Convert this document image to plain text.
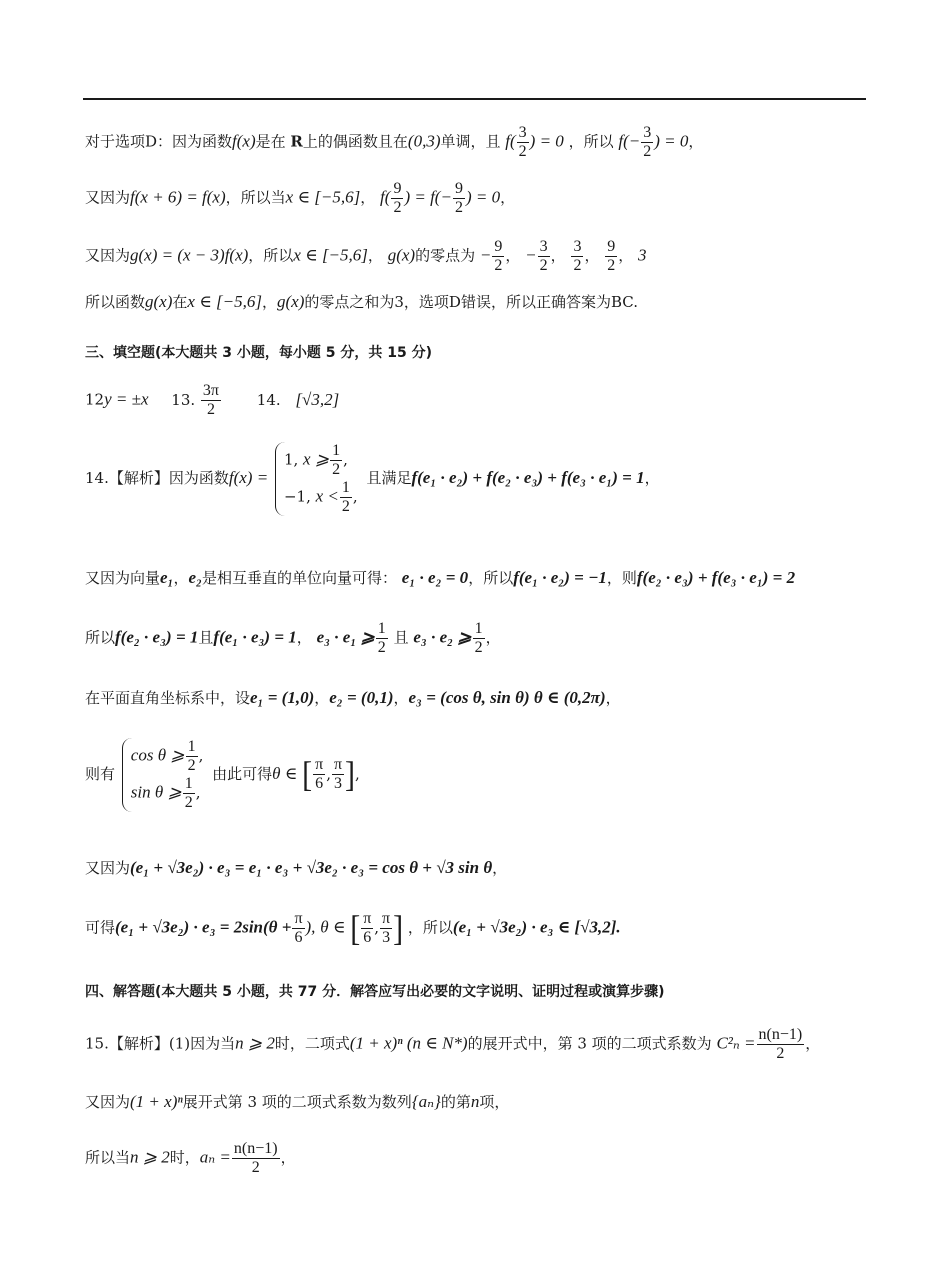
对于选项D：因为函数f(x)是在 R上的偶函数且在(0,3)单调，且 $f( \frac{3}{2}$ ) = 0 ，所以 $f(- \frac{3}{2}$ ) = 0，
又因为f(x + 6) = f(x)，所以当x ∈ [−5,6]， $f( \frac{9}{2}$ ) = $f(- \frac{9}{2}$ ) = 0，
又因为g(x) = (x − 3)f(x)，所以x ∈ [−5,6]， g(x)的零点为 − $\frac{9}{2}$ ， − $\frac{3}{2}$ ， $\frac{3}{2}$ ， $\frac{9}{2}$ ， 3
所以函数g(x)在x ∈ [−5,6]，g(x)的零点之和为3，选项D错误，所以正确答案为BC.
三、填空题(本大题共 3 小题，每小题 5 分，共 15 分)
12y = ±x 13. $\frac{3\pi}{2} 14$. [√3,2]
14.【解析】因为函数f(x) =
1, x ⩾ $\frac{1}{2}$ ,
−1, $x < \frac{1}{2}$ ,
且满足f(e₁ · e₂) + f(e₂ · e₃) + f(e₃ · e₁) = 1，
又因为向量e₁，e₂是相互垂直的单位向量可得： e₁ · e₂ = 0，所以f(e₁ · e₂) = −1，则f(e₂ · e₃) + f(e₃ · e₁) = 2
所以f(e₂ · e₃) = 1且f(e₁ · e₃) = 1， e₃ · e₁ ⩾ $\frac{1}{2}$ 且 e₃ · e₂ ⩾ $\frac{1}{2}$ ，
在平面直角坐标系中，设e₁ = (1,0)，e₂ = (0,1)，e₃ = (cos θ, sin θ) θ ∈ (0,2π)，
则有
cos θ ⩾ $\frac{1}{2}$ ,
sin θ ⩾ $\frac{1}{2}$ ,
由此可得θ ∈ [ $\frac{\pi}{6}$ , $\frac{\pi}{3}$ ],
又因为(e₁ + √3e₂) · e₃ = e₁ · e₃ + √3e₂ · e₃ = cos θ + √3 sin θ，
可得$(e_1 + √3e_2) \cdot e_3 = 2\sin(\theta + \frac{\pi}{6}$ ), θ ∈ [ $\frac{\pi}{6}$ , $\frac{\pi}{3}$ ] ，所以(e₁ + √3e₂) · e₃ ∈ [√3,2].
四、解答题(本大题共 5 小题，共 77 分．解答应写出必要的文字说明、证明过程或演算步骤)
15.【解析】(1)因为当n ⩾ 2时，二项式(1 + x)ⁿ (n ∈ N*)的展开式中，第 3 项的二项式系数为 $C^2_n = \frac{n(n-1)}{2}$ ，
又因为(1 + x)ⁿ展开式第 3 项的二项式系数为数列{aₙ}的第n项，
所以当n ⩾ 2时，$a_n = \frac{n(n-1)}{2}$ ，
